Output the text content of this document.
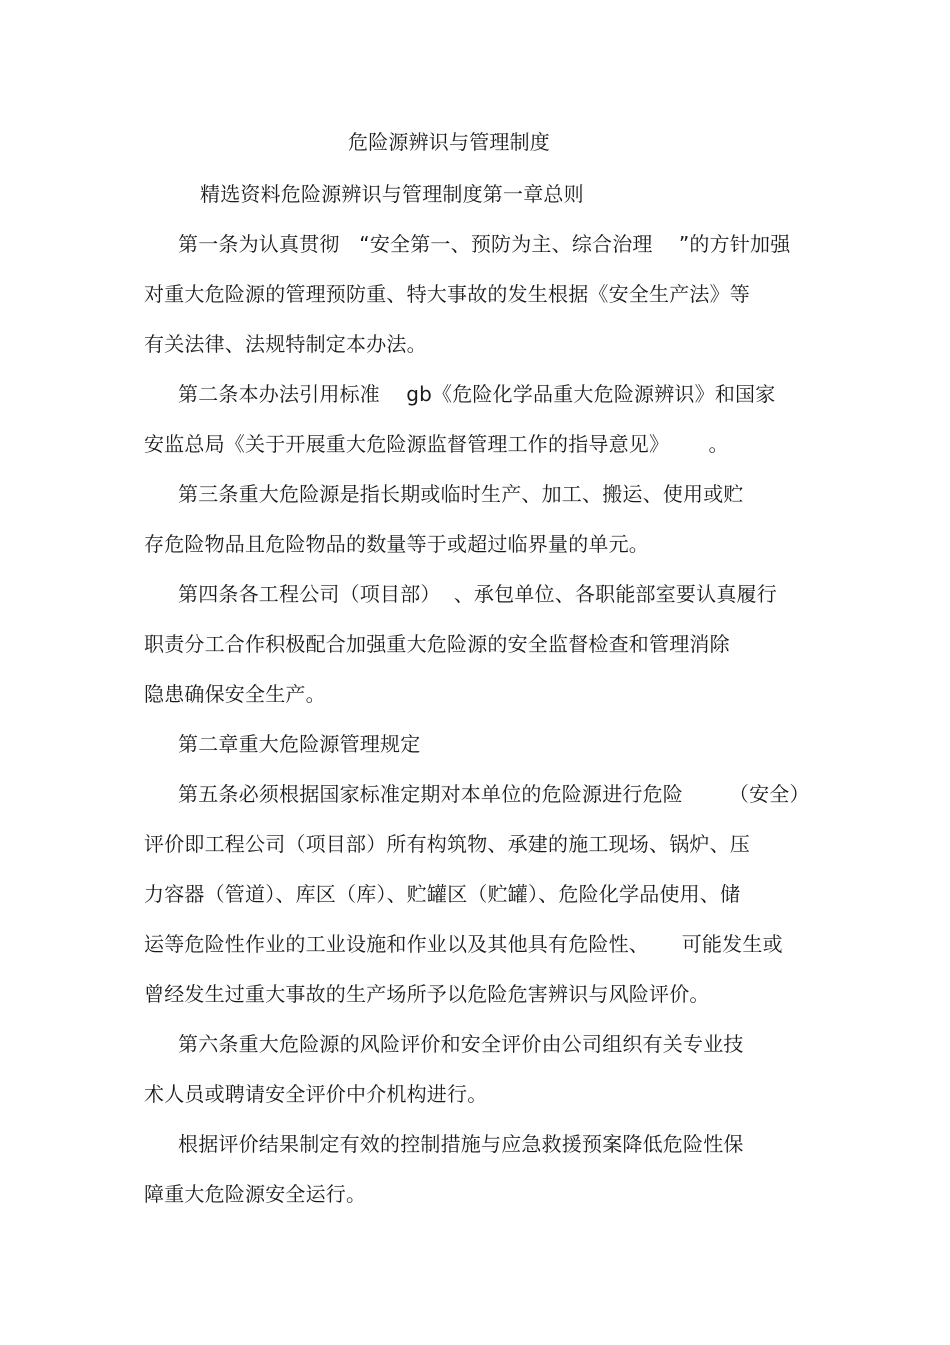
危险源辨识与管理制度
精选资料危险源辨识与管理制度第一章总则
第一条为认真贯彻   “安全第一、预防为主、综合治理    ”的方针加强
对重大危险源的管理预防重、特大事故的发生根据《安全生产法》等
有关法律、法规特制定本办法。
第二条本办法引用标准    gb《危险化学品重大危险源辨识》和国家
安监总局《关于开展重大危险源监督管理工作的指导意见》      。
第三条重大危险源是指长期或临时生产、加工、搬运、使用或贮
存危险物品且危险物品的数量等于或超过临界量的单元。
第四条各工程公司（项目部）  、承包单位、各职能部室要认真履行
职责分工合作积极配合加强重大危险源的安全监督检查和管理消除
隐患确保安全生产。
第二章重大危险源管理规定
第五条必须根据国家标准定期对本单位的危险源进行危险       （安全）
评价即工程公司（项目部）所有构筑物、承建的施工现场、锅炉、压
力容器（管道）、库区（库）、贮罐区（贮罐）、危险化学品使用、储
运等危险性作业的工业设施和作业以及其他具有危险性、     可能发生或
曾经发生过重大事故的生产场所予以危险危害辨识与风险评价。
第六条重大危险源的风险评价和安全评价由公司组织有关专业技
术人员或聘请安全评价中介机构进行。
根据评价结果制定有效的控制措施与应急救援预案降低危险性保
障重大危险源安全运行。
